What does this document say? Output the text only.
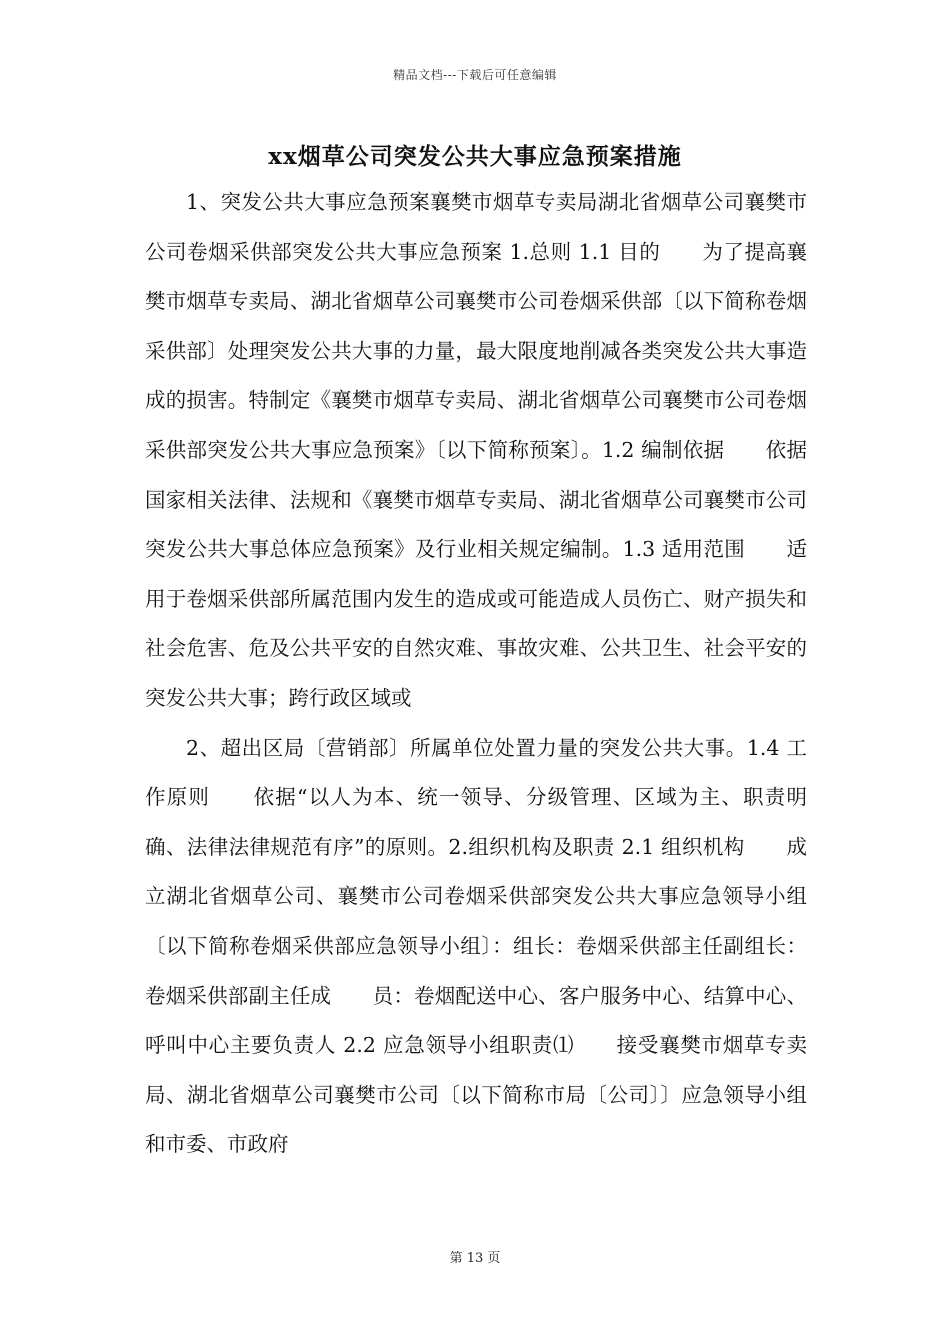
精品文档---下载后可任意编辑
xx烟草公司突发公共大事应急预案措施

1、突发公共大事应急预案襄樊市烟草专卖局湖北省烟草公司襄樊市公司卷烟采供部突发公共大事应急预案 1.总则 1.1 目的　　为了提高襄樊市烟草专卖局、湖北省烟草公司襄樊市公司卷烟采供部〔以下简称卷烟采供部〕处理突发公共大事的力量，最大限度地削减各类突发公共大事造成的损害。特制定《襄樊市烟草专卖局、湖北省烟草公司襄樊市公司卷烟采供部突发公共大事应急预案》〔以下简称预案〕。1.2 编制依据　　依据国家相关法律、法规和《襄樊市烟草专卖局、湖北省烟草公司襄樊市公司突发公共大事总体应急预案》及行业相关规定编制。1.3 适用范围　　适用于卷烟采供部所属范围内发生的造成或可能造成人员伤亡、财产损失和社会危害、危及公共平安的自然灾难、事故灾难、公共卫生、社会平安的突发公共大事；跨行政区域或

2、超出区局〔营销部〕所属单位处置力量的突发公共大事。1.4 工作原则　　依据“以人为本、统一领导、分级管理、区域为主、职责明确、法律法律规范有序”的原则。2.组织机构及职责 2.1 组织机构　　成立湖北省烟草公司、襄樊市公司卷烟采供部突发公共大事应急领导小组〔以下简称卷烟采供部应急领导小组〕：组长：卷烟采供部主任副组长：卷烟采供部副主任成　　员：卷烟配送中心、客户服务中心、结算中心、呼叫中心主要负责人 2.2 应急领导小组职责⑴　　接受襄樊市烟草专卖局、湖北省烟草公司襄樊市公司〔以下简称市局〔公司〕〕应急领导小组和市委、市政府

第 13 页
